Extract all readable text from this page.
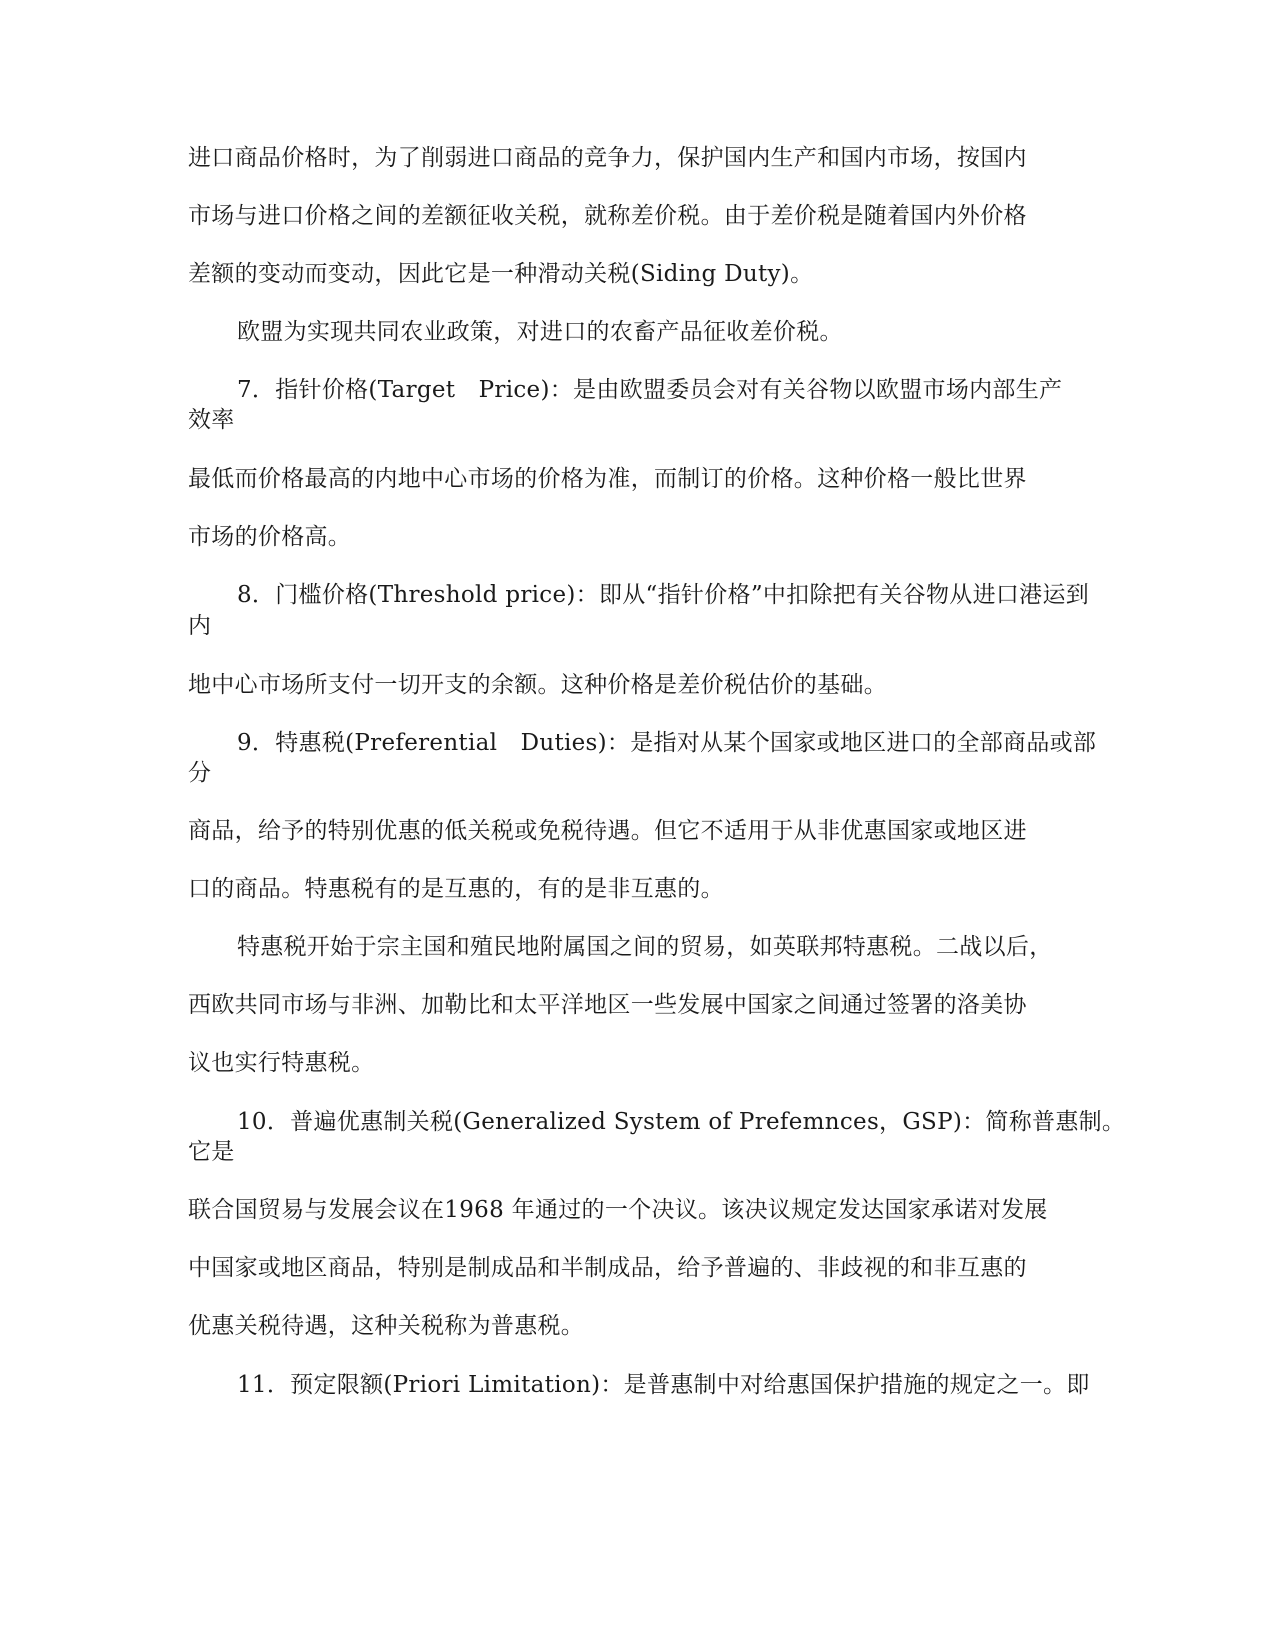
进口商品价格时，为了削弱进口商品的竞争力，保护国内生产和国内市场，按国内
市场与进口价格之间的差额征收关税，就称差价税。由于差价税是随着国内外价格
差额的变动而变动，因此它是一种滑动关税(Siding Duty)。
欧盟为实现共同农业政策，对进口的农畜产品征收差价税。
7．指针价格(Target　Price)：是由欧盟委员会对有关谷物以欧盟市场内部生产
效率
最低而价格最高的内地中心市场的价格为准，而制订的价格。这种价格一般比世界
市场的价格高。
8．门槛价格(Threshold price)：即从“指针价格”中扣除把有关谷物从进口港运到
内
地中心市场所支付一切开支的余额。这种价格是差价税估价的基础。
9．特惠税(Preferential　Duties)：是指对从某个国家或地区进口的全部商品或部
分
商品，给予的特别优惠的低关税或免税待遇。但它不适用于从非优惠国家或地区进
口的商品。特惠税有的是互惠的，有的是非互惠的。
特惠税开始于宗主国和殖民地附属国之间的贸易，如英联邦特惠税。二战以后，
西欧共同市场与非洲、加勒比和太平洋地区一些发展中国家之间通过签署的洛美协
议也实行特惠税。
10．普遍优惠制关税(Generalized System of Prefemnces，GSP)：简称普惠制。
它是
联合国贸易与发展会议在1968 年通过的一个决议。该决议规定发达国家承诺对发展
中国家或地区商品，特别是制成品和半制成品，给予普遍的、非歧视的和非互惠的
优惠关税待遇，这种关税称为普惠税。
11．预定限额(Priori Limitation)：是普惠制中对给惠国保护措施的规定之一。即
